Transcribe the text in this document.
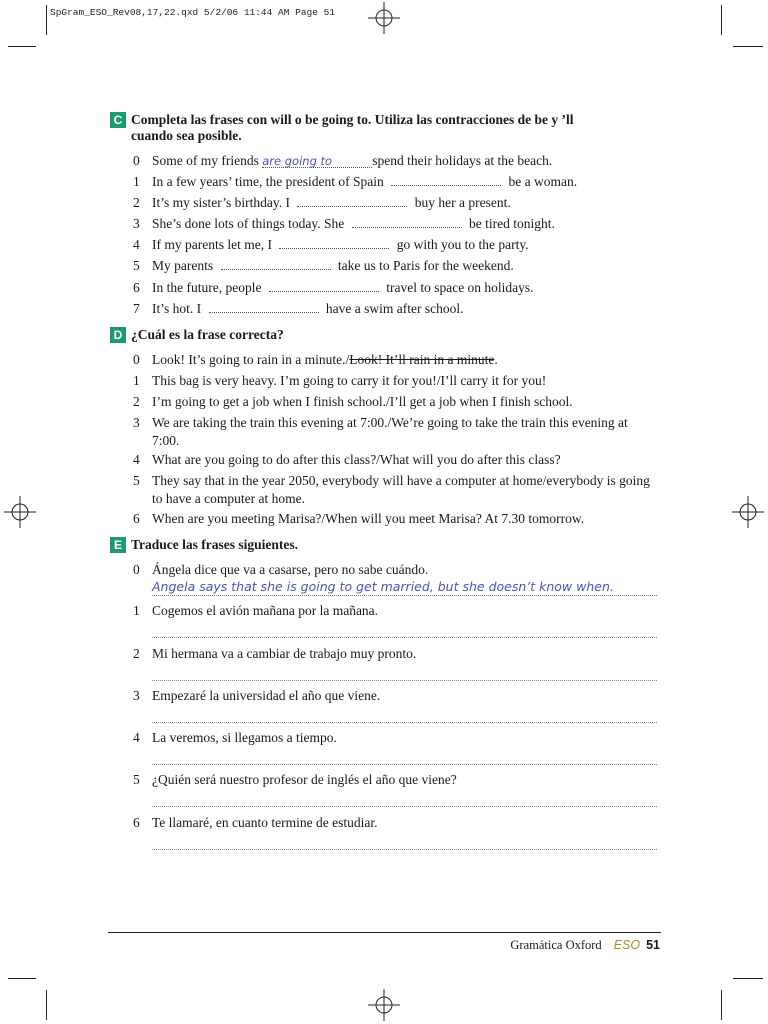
SpGram_ESO_Rev08,17,22.qxd 5/2/06 11:44 AM Page 51
C Completa las frases con will o be going to. Utiliza las contracciones de be y ’ll cuando sea posible.
0 Some of my friends are going to	spend their holidays at the beach.
1 In a few years’ time, the president of Spain	be a woman.
2 It’s my sister’s birthday. I	buy her a present.
3 She’s done lots of things today. She	be tired tonight.
4 If my parents let me, I	go with you to the party.
5 My parents	take us to Paris for the weekend.
6 In the future, people	travel to space on holidays.
7 It’s hot. I	have a swim after school.
D ¿Cuál es la frase correcta?
0 Look! It’s going to rain in a minute./Look! It’ll rain in a minute.
1 This bag is very heavy. I’m going to carry it for you!/I’ll carry it for you!
2 I’m going to get a job when I finish school./I’ll get a job when I finish school.
3 We are taking the train this evening at 7:00./We’re going to take the train this evening at 7:00.
4 What are you going to do after this class?/What will you do after this class?
5 They say that in the year 2050, everybody will have a computer at home/everybody is going to have a computer at home.
6 When are you meeting Marisa?/When will you meet Marisa? At 7.30 tomorrow.
E Traduce las frases siguientes.
0 Ángela dice que va a casarse, pero no sabe cuándo.
Angela says that she is going to get married, but she doesn’t know when.
1 Cogemos el avión mañana por la mañana.
2 Mi hermana va a cambiar de trabajo muy pronto.
3 Empezaré la universidad el año que viene.
4 La veremos, si llegamos a tiempo.
5 ¿Quién será nuestro profesor de inglés el año que viene?
6 Te llamaré, en cuanto termine de estudiar.
Gramática Oxford ESO 51
